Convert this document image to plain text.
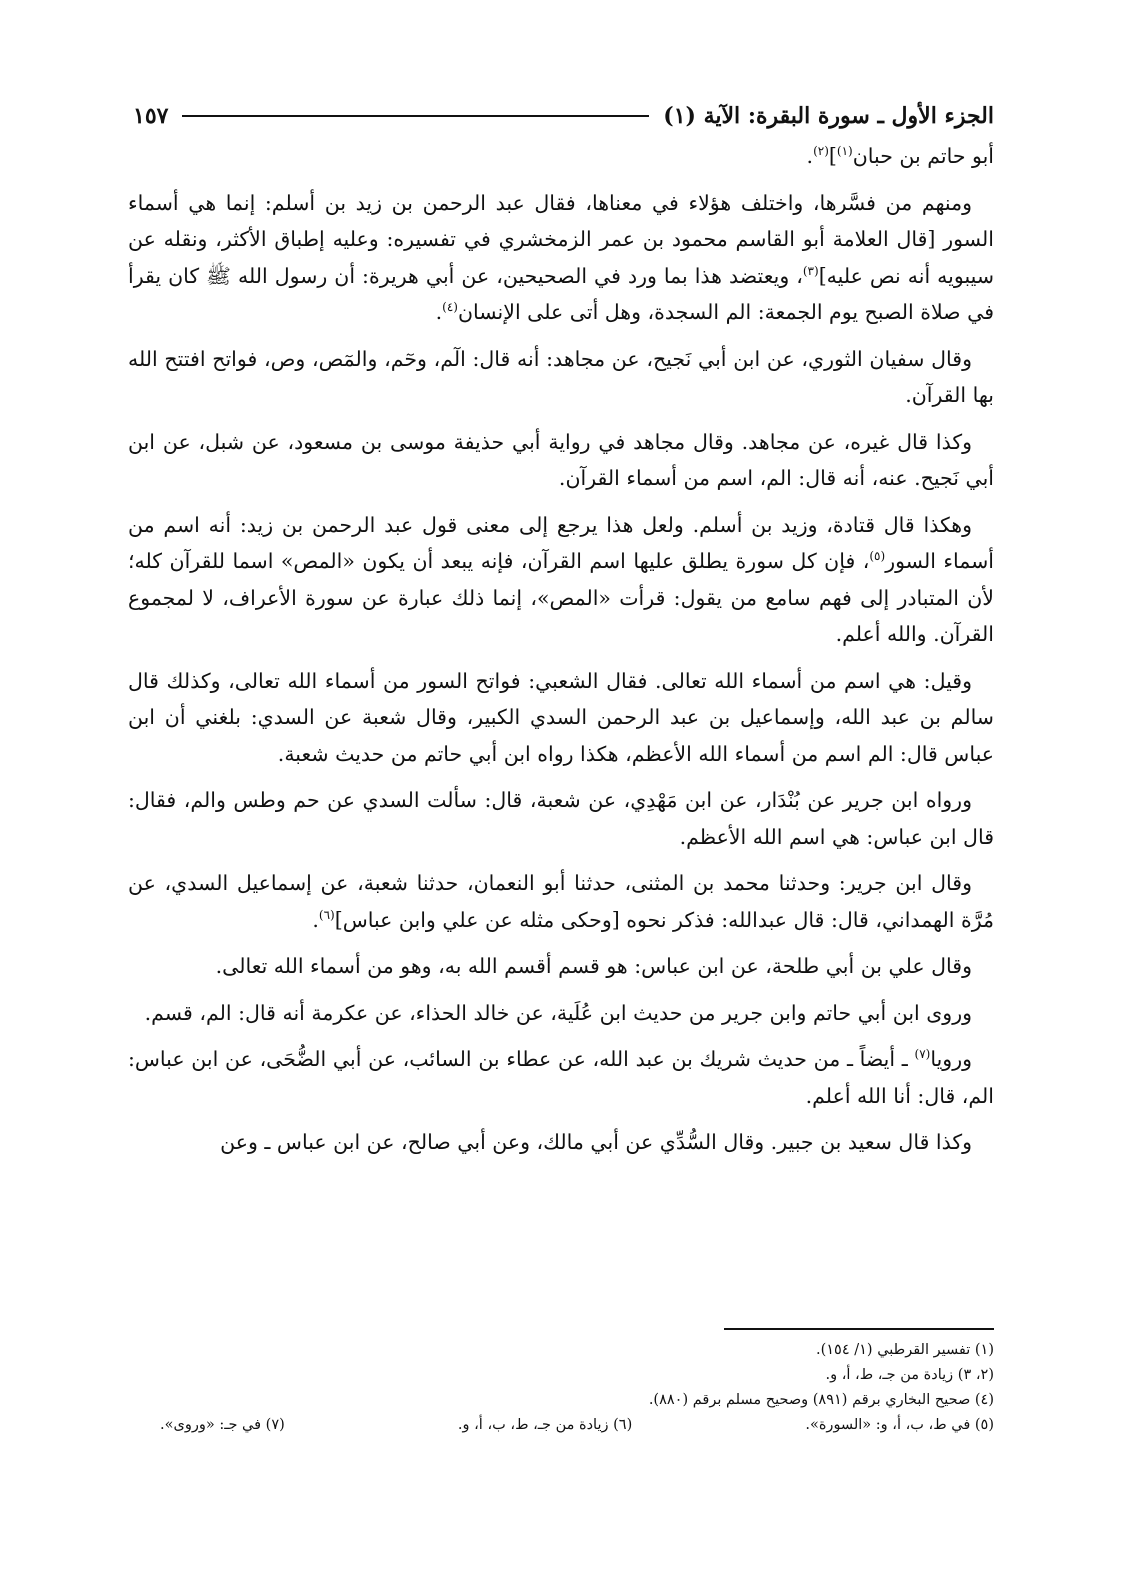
الجزء الأول ـ سورة البقرة: الآية (١)
١٥٧

أبو حاتم بن حبان$^{(١)}$]$^{(٢)}$.

ومنهم من فسَّرها، واختلف هؤلاء في معناها، فقال عبد الرحمن بن زيد بن أسلم: إنما هي أسماء السور [قال العلامة أبو القاسم محمود بن عمر الزمخشري في تفسيره: وعليه إطباق الأكثر، ونقله عن سيبويه أنه نص عليه]$^{(٣)}$، ويعتضد هذا بما ورد في الصحيحين، عن أبي هريرة: أن رسول الله ﷺ كان يقرأ في صلاة الصبح يوم الجمعة: الم السجدة، وهل أتى على الإنسان$^{(٤)}$.

وقال سفيان الثوري، عن ابن أبي نَجيح، عن مجاهد: أنه قال: الٓم، وحٓم، والمٓص، وص، فواتح افتتح الله بها القرآن.

وكذا قال غيره، عن مجاهد. وقال مجاهد في رواية أبي حذيفة موسى بن مسعود، عن شبل، عن ابن أبي نَجيح. عنه، أنه قال: الم، اسم من أسماء القرآن.

وهكذا قال قتادة، وزيد بن أسلم. ولعل هذا يرجع إلى معنى قول عبد الرحمن بن زيد: أنه اسم من أسماء السور$^{(٥)}$، فإن كل سورة يطلق عليها اسم القرآن، فإنه يبعد أن يكون «المص» اسما للقرآن كله؛ لأن المتبادر إلى فهم سامع من يقول: قرأت «المص»، إنما ذلك عبارة عن سورة الأعراف، لا لمجموع القرآن. والله أعلم.

وقيل: هي اسم من أسماء الله تعالى. فقال الشعبي: فواتح السور من أسماء الله تعالى، وكذلك قال سالم بن عبد الله، وإسماعيل بن عبد الرحمن السدي الكبير، وقال شعبة عن السدي: بلغني أن ابن عباس قال: الم اسم من أسماء الله الأعظم، هكذا رواه ابن أبي حاتم من حديث شعبة.

ورواه ابن جرير عن بُنْدَار، عن ابن مَهْدِي، عن شعبة، قال: سألت السدي عن حم وطس والم، فقال: قال ابن عباس: هي اسم الله الأعظم.

وقال ابن جرير: وحدثنا محمد بن المثنى، حدثنا أبو النعمان، حدثنا شعبة، عن إسماعيل السدي، عن مُرَّة الهمداني، قال: قال عبدالله: فذكر نحوه [وحكى مثله عن علي وابن عباس]$^{(٦)}$.

وقال علي بن أبي طلحة، عن ابن عباس: هو قسم أقسم الله به، وهو من أسماء الله تعالى.

وروى ابن أبي حاتم وابن جرير من حديث ابن عُلَية، عن خالد الحذاء، عن عكرمة أنه قال: الم، قسم.

ورويا$^{(٧)}$ ـ أيضاً ـ من حديث شريك بن عبد الله، عن عطاء بن السائب، عن أبي الضُّحَى، عن ابن عباس: الم، قال: أنا الله أعلم.

وكذا قال سعيد بن جبير. وقال السُّدِّي عن أبي مالك، وعن أبي صالح، عن ابن عباس ـ وعن

(١) تفسير القرطبي (١/ ١٥٤).

(٢، ٣) زيادة من جـ، ط، أ، و.

(٤) صحيح البخاري برقم (٨٩١) وصحيح مسلم برقم (٨٨٠).

(٥) في ط، ب، أ، و: «السورة».
(٦) زيادة من جـ، ط، ب، أ، و.
(٧) في جـ: «وروى».
